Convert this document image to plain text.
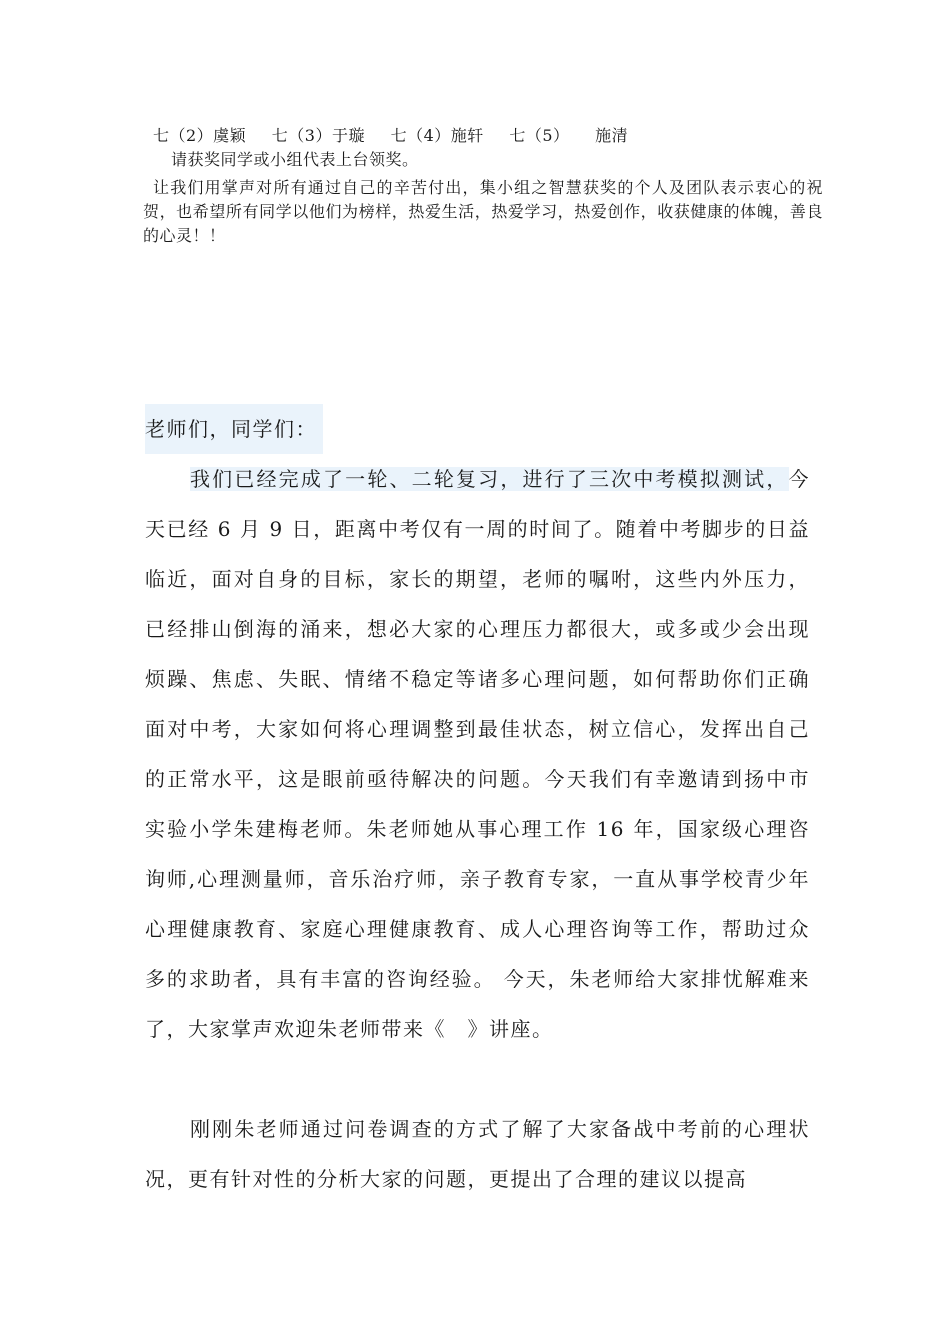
七（2）虞颖 七（3）于璇 七（4）施轩 七（5） 施清
请获奖同学或小组代表上台领奖。
让我们用掌声对所有通过自己的辛苦付出，集小组之智慧获奖的个人及团队表示衷心的祝贺，也希望所有同学以他们为榜样，热爱生活，热爱学习，热爱创作，收获健康的体魄，善良的心灵！！
老师们，同学们：

我们已经完成了一轮、二轮复习，进行了三次中考模拟测试，今天已经 6 月 9 日，距离中考仅有一周的时间了。随着中考脚步的日益临近，面对自身的目标，家长的期望，老师的嘱咐，这些内外压力，已经排山倒海的涌来，想必大家的心理压力都很大，或多或少会出现烦躁、焦虑、失眠、情绪不稳定等诸多心理问题，如何帮助你们正确面对中考，大家如何将心理调整到最佳状态，树立信心，发挥出自己的正常水平，这是眼前亟待解决的问题。今天我们有幸邀请到扬中市实验小学朱建梅老师。朱老师她从事心理工作 16 年，国家级心理咨询师,心理测量师，音乐治疗师，亲子教育专家，一直从事学校青少年心理健康教育、家庭心理健康教育、成人心理咨询等工作，帮助过众多的求助者，具有丰富的咨询经验。 今天，朱老师给大家排忧解难来了，大家掌声欢迎朱老师带来《　》讲座。

刚刚朱老师通过问卷调查的方式了解了大家备战中考前的心理状况，更有针对性的分析大家的问题，更提出了合理的建议以提高
